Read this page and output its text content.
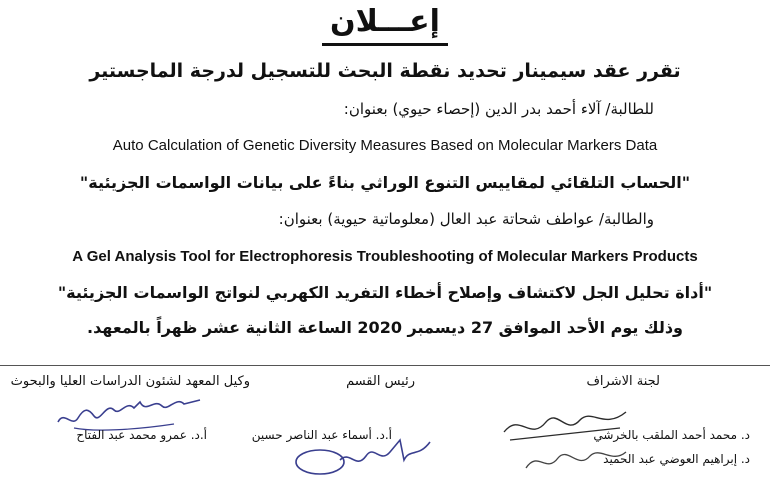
إعـــلان
تقرر عقد سيمينار تحديد نقطة البحث للتسجيل لدرجة الماجستير
للطالبة/ آلاء أحمد بدر الدين (إحصاء حيوي) بعنوان:
Auto Calculation of Genetic Diversity Measures Based on Molecular Markers Data
"الحساب التلقائي لمقاييس التنوع الوراثي بناءً على بيانات الواسمات الجزيئية"
والطالبة/ عواطف شحاتة عبد العال (معلوماتية حيوية) بعنوان:
A Gel Analysis Tool for Electrophoresis Troubleshooting of Molecular Markers Products
"أداة تحليل الجل لاكتشاف وإصلاح أخطاء التفريد الكهربي لنواتج الواسمات الجزيئية"
وذلك يوم الأحد الموافق 27 ديسمبر 2020 الساعة الثانية عشر ظهراً بالمعهد.
لجنة الاشراف
رئيس القسم
وكيل المعهد لشئون الدراسات العليا والبحوث
أ.د. عمرو محمد عبد الفتاح	أ.د. أسماء عبد الناصر حسين	د. محمد أحمد الملقب بالخرشي
د. إبراهيم العوضي عبد الحميد
